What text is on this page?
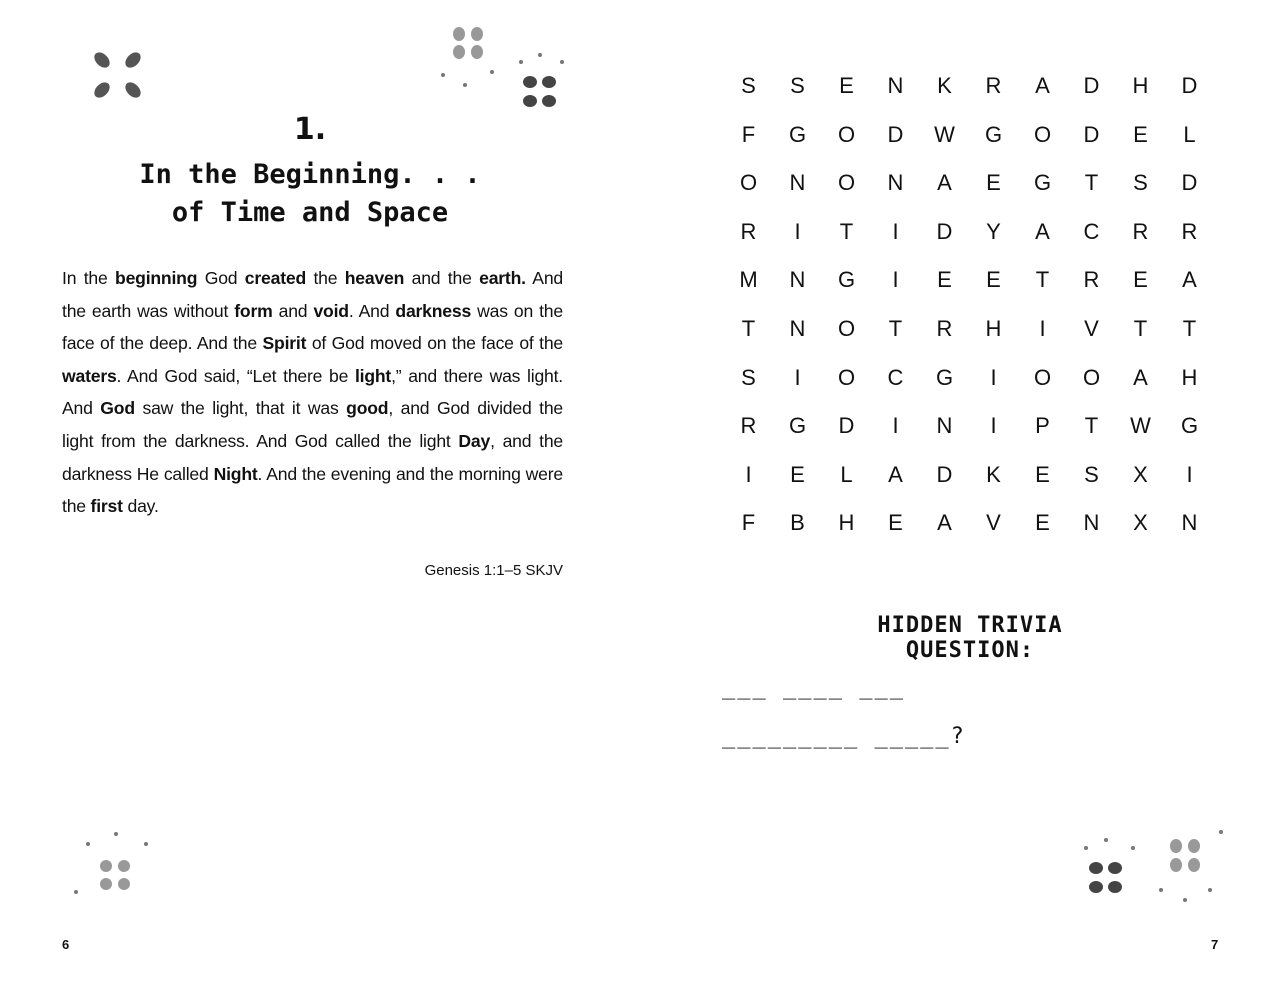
1.
In the Beginning. . .
of Time and Space
In the beginning God created the heaven and the earth. And the earth was without form and void. And darkness was on the face of the deep. And the Spirit of God moved on the face of the waters. And God said, “Let there be light,” and there was light. And God saw the light, that it was good, and God divided the light from the darkness. And God called the light Day, and the darkness He called Night. And the evening and the morning were the first day.
Genesis 1:1–5 SKJV
6
S	S	E	N	K	R	A	D	H	D
F	G	O	D	W	G	O	D	E	L
O	N	O	N	A	E	G	T	S	D
R	I	T	I	D	Y	A	C	R	R
M	N	G	I	E	E	T	R	E	A
T	N	O	T	R	H	I	V	T	T
S	I	O	C	G	I	O	O	A	H
R	G	D	I	N	I	P	T	W	G
I	E	L	A	D	K	E	S	X	I
F	B	H	E	A	V	E	N	X	N
HIDDEN TRIVIA QUESTION:
___ ____ ___
_________ _____?
7
